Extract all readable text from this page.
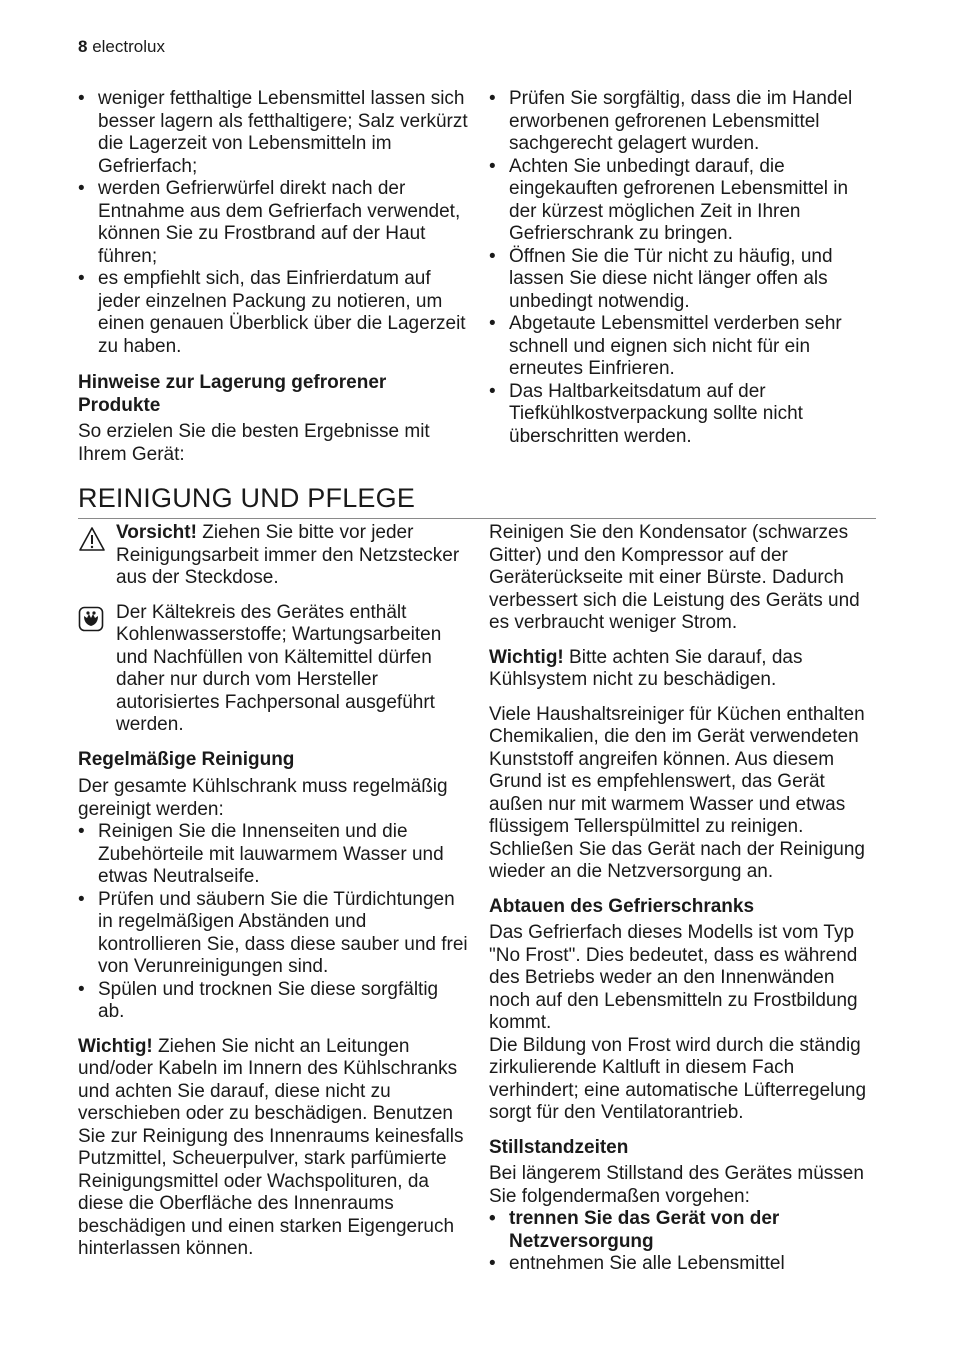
8 electrolux
• weniger fetthaltige Lebensmittel lassen sich besser lagern als fetthaltigere; Salz verkürzt die Lagerzeit von Lebensmitteln im Gefrierfach;
• werden Gefrierwürfel direkt nach der Entnahme aus dem Gefrierfach verwendet, können Sie zu Frostbrand auf der Haut führen;
• es empfiehlt sich, das Einfrierdatum auf jeder einzelnen Packung zu notieren, um einen genauen Überblick über die Lagerzeit zu haben.
Hinweise zur Lagerung gefrorener Produkte

So erzielen Sie die besten Ergebnisse mit Ihrem Gerät:

• Prüfen Sie sorgfältig, dass die im Handel erworbenen gefrorenen Lebensmittel sachgerecht gelagert wurden.
• Achten Sie unbedingt darauf, die eingekauften gefrorenen Lebensmittel in der kürzest möglichen Zeit in Ihren Gefrierschrank zu bringen.
• Öffnen Sie die Tür nicht zu häufig, und lassen Sie diese nicht länger offen als unbedingt notwendig.
• Abgetaute Lebensmittel verderben sehr schnell und eignen sich nicht für ein erneutes Einfrieren.
• Das Haltbarkeitsdatum auf der Tiefkühlkostverpackung sollte nicht überschritten werden.
REINIGUNG UND PFLEGE

Vorsicht! Ziehen Sie bitte vor jeder Reinigungsarbeit immer den Netzstecker aus der Steckdose.

Der Kältekreis des Gerätes enthält Kohlenwasserstoffe; Wartungsarbeiten und Nachfüllen von Kältemittel dürfen daher nur durch vom Hersteller autorisiertes Fachpersonal ausgeführt werden.

Regelmäßige Reinigung

Der gesamte Kühlschrank muss regelmäßig gereinigt werden:

• Reinigen Sie die Innenseiten und die Zubehörteile mit lauwarmem Wasser und etwas Neutralseife.
• Prüfen und säubern Sie die Türdichtungen in regelmäßigen Abständen und kontrollieren Sie, dass diese sauber und frei von Verunreinigungen sind.
• Spülen und trocknen Sie diese sorgfältig ab.

Wichtig! Ziehen Sie nicht an Leitungen und/oder Kabeln im Innern des Kühlschranks und achten Sie darauf, diese nicht zu verschieben oder zu beschädigen. Benutzen Sie zur Reinigung des Innenraums keinesfalls Putzmittel, Scheuerpulver, stark parfümierte Reinigungsmittel oder Wachspolituren, da diese die Oberfläche des Innenraums beschädigen und einen starken Eigengeruch hinterlassen können.

Reinigen Sie den Kondensator (schwarzes Gitter) und den Kompressor auf der Geräterückseite mit einer Bürste. Dadurch verbessert sich die Leistung des Geräts und es verbraucht weniger Strom.

Wichtig! Bitte achten Sie darauf, das Kühlsystem nicht zu beschädigen.

Viele Haushaltsreiniger für Küchen enthalten Chemikalien, die den im Gerät verwendeten Kunststoff angreifen können. Aus diesem Grund ist es empfehlenswert, das Gerät außen nur mit warmem Wasser und etwas flüssigem Tellerspülmittel zu reinigen. Schließen Sie das Gerät nach der Reinigung wieder an die Netzversorgung an.

Abtauen des Gefrierschranks

Das Gefrierfach dieses Modells ist vom Typ "No Frost". Dies bedeutet, dass es während des Betriebs weder an den Innenwänden noch auf den Lebensmitteln zu Frostbildung kommt.

Die Bildung von Frost wird durch die ständig zirkulierende Kaltluft in diesem Fach verhindert; eine automatische Lüfterregelung sorgt für den Ventilatorantrieb.

Stillstandzeiten

Bei längerem Stillstand des Gerätes müssen Sie folgendermaßen vorgehen:

• trennen Sie das Gerät von der Netzversorgung
• entnehmen Sie alle Lebensmittel
